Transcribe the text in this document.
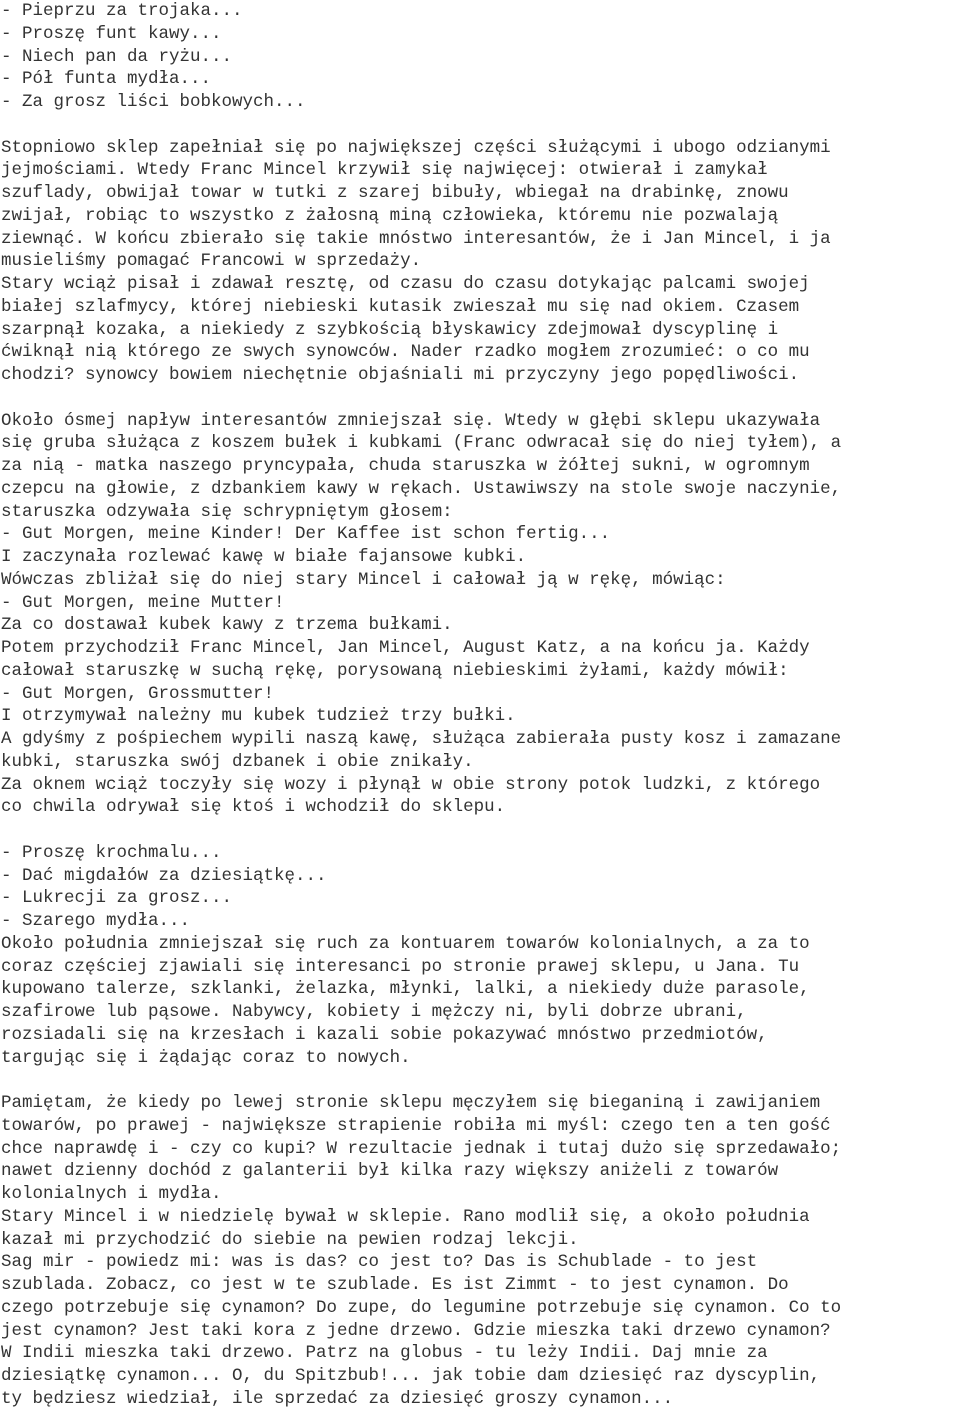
- Pieprzu za trojaka...
- Proszę funt kawy...
- Niech pan da ryżu...
- Pół funta mydła...
- Za grosz liści bobkowych...
Stopniowo sklep zapełniał się po największej części służącymi i ubogo odzianymi
jejmościami. Wtedy Franc Mincel krzywił się najwięcej: otwierał i zamykał
szuflady, obwijał towar w tutki z szarej bibuły, wbiegał na drabinkę, znowu
zwijał, robiąc to wszystko z żałosną miną człowieka, któremu nie pozwalają
ziewnąć. W końcu zbierało się takie mnóstwo interesantów, że i Jan Mincel, i ja
musieliśmy pomagać Francowi w sprzedaży.
Stary wciąż pisał i zdawał resztę, od czasu do czasu dotykając palcami swojej
białej szlafmycy, której niebieski kutasik zwieszał mu się nad okiem. Czasem
szarpnął kozaka, a niekiedy z szybkością błyskawicy zdejmował dyscyplinę i
ćwiknął nią którego ze swych synowców. Nader rzadko mogłem zrozumieć: o co mu
chodzi? synowcy bowiem niechętnie objaśniali mi przyczyny jego popędliwości.
Około ósmej napływ interesantów zmniejszał się. Wtedy w głębi sklepu ukazywała
się gruba służąca z koszem bułek i kubkami (Franc odwracał się do niej tyłem), a
za nią - matka naszego pryncypała, chuda staruszka w żółtej sukni, w ogromnym
czepcu na głowie, z dzbankiem kawy w rękach. Ustawiwszy na stole swoje naczynie,
staruszka odzywała się schrypniętym głosem:
- Gut Morgen, meine Kinder! Der Kaffee ist schon fertig...
I zaczynała rozlewać kawę w białe fajansowe kubki.
Wówczas zbliżał się do niej stary Mincel i całował ją w rękę, mówiąc:
- Gut Morgen, meine Mutter!
Za co dostawał kubek kawy z trzema bułkami.
Potem przychodził Franc Mincel, Jan Mincel, August Katz, a na końcu ja. Każdy
całował staruszkę w suchą rękę, porysowaną niebieskimi żyłami, każdy mówił:
- Gut Morgen, Grossmutter!
I otrzymywał należny mu kubek tudzież trzy bułki.
A gdyśmy z pośpiechem wypili naszą kawę, służąca zabierała pusty kosz i zamazane
kubki, staruszka swój dzbanek i obie znikały.
Za oknem wciąż toczyły się wozy i płynął w obie strony potok ludzki, z którego
co chwila odrywał się ktoś i wchodził do sklepu.
- Proszę krochmalu...
- Dać migdałów za dziesiątkę...
- Lukrecji za grosz...
- Szarego mydła...
Około południa zmniejszał się ruch za kontuarem towarów kolonialnych, a za to
coraz częściej zjawiali się interesanci po stronie prawej sklepu, u Jana. Tu
kupowano talerze, szklanki, żelazka, młynki, lalki, a niekiedy duże parasole,
szafirowe lub pąsowe. Nabywcy, kobiety i mężczy ni, byli dobrze ubrani,
rozsiadali się na krzesłach i kazali sobie pokazywać mnóstwo przedmiotów,
targując się i żądając coraz to nowych.
Pamiętam, że kiedy po lewej stronie sklepu męczyłem się bieganiną i zawijaniem
towarów, po prawej - największe strapienie robiła mi myśl: czego ten a ten gość
chce naprawdę i - czy co kupi? W rezultacie jednak i tutaj dużo się sprzedawało;
nawet dzienny dochód z galanterii był kilka razy większy aniżeli z towarów
kolonialnych i mydła.
Stary Mincel i w niedzielę bywał w sklepie. Rano modlił się, a około południa
kazał mi przychodzić do siebie na pewien rodzaj lekcji.
Sag mir - powiedz mi: was is das? co jest to? Das is Schublade - to jest
szublada. Zobacz, co jest w te szublade. Es ist Zimmt - to jest cynamon. Do
czego potrzebuje się cynamon? Do zupe, do legumine potrzebuje się cynamon. Co to
jest cynamon? Jest taki kora z jedne drzewo. Gdzie mieszka taki drzewo cynamon?
W Indii mieszka taki drzewo. Patrz na globus - tu leży Indii. Daj mnie za
dziesiątkę cynamon... O, du Spitzbub!... jak tobie dam dziesięć raz dyscyplin,
ty będziesz wiedział, ile sprzedać za dziesięć groszy cynamon...
